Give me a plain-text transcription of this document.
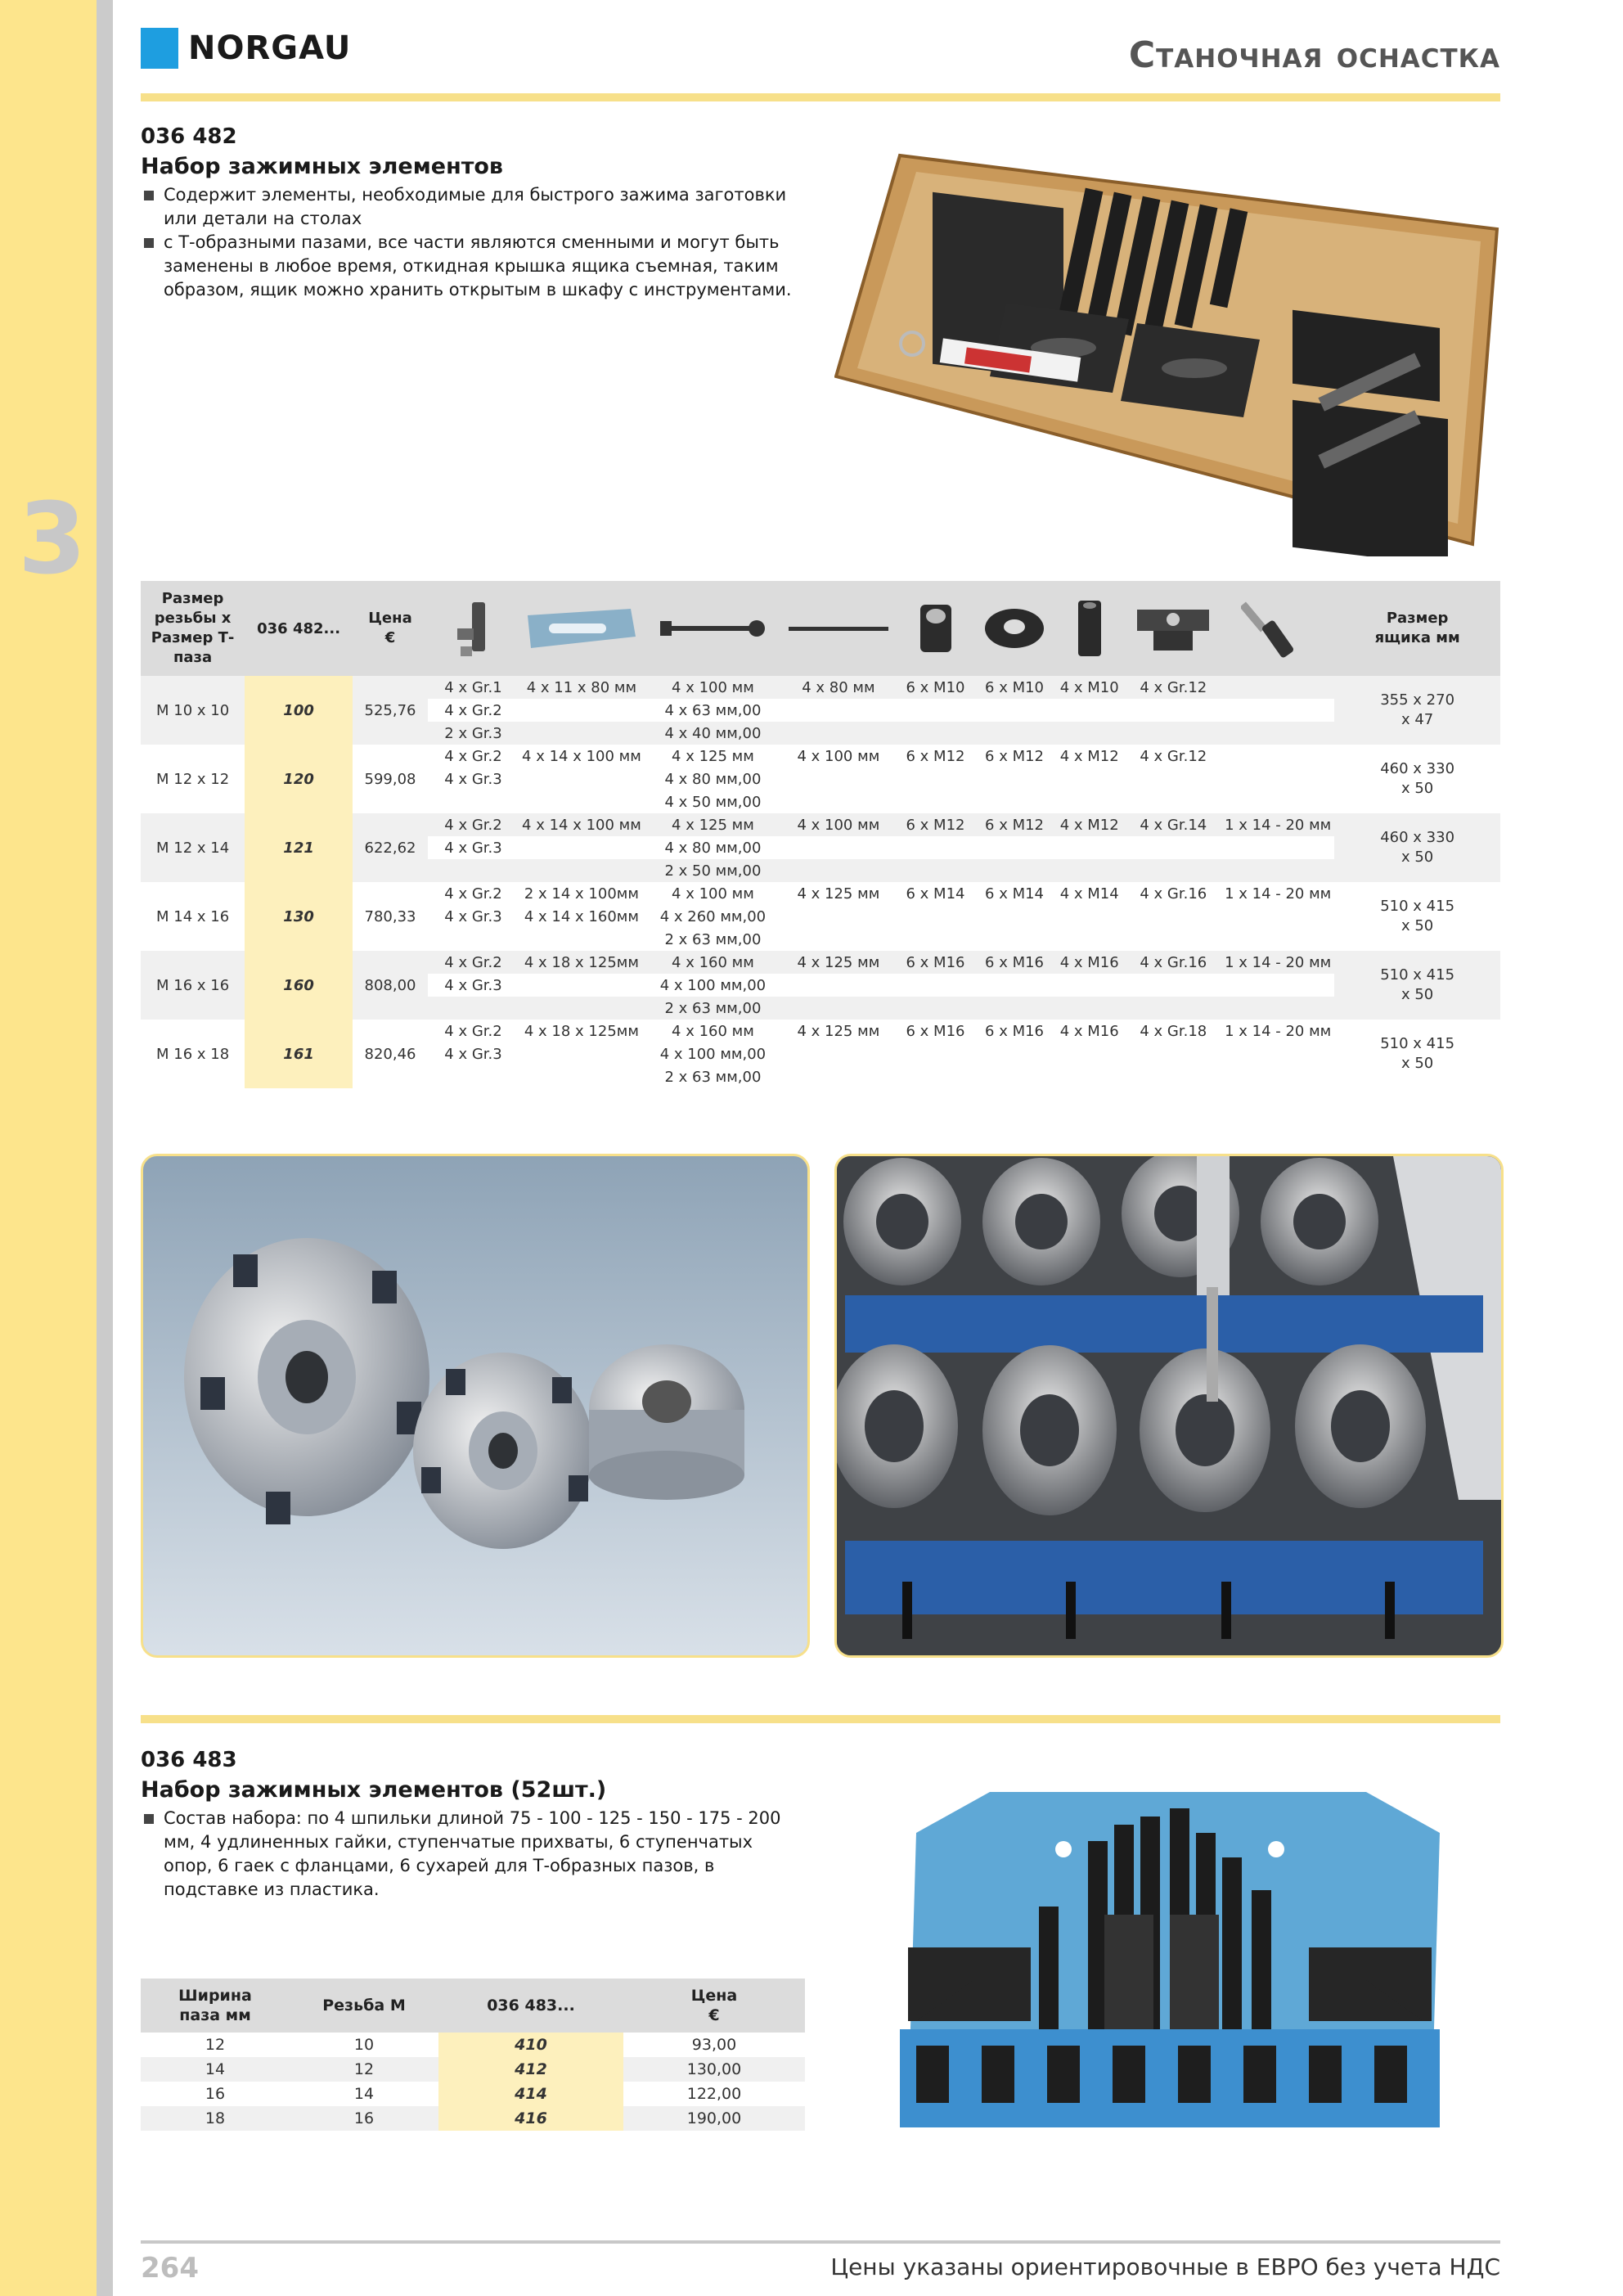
3
NORGAU	Станочная оснастка
036 482
Набор зажимных элементов
Содержит элементы, необходимые для быстрого зажима заготовки или детали на столах
с Т-образными пазами, все части являются сменными и могут быть заменены в любое время, откидная крышка ящика съемная, таким образом, ящик можно хранить открытым в шкафу с инструментами.
Размер резьбы х Размер Т-паза	036 482...	Цена €										Размер ящика мм
M 10 x 10	100	525,76	4 x Gr.1	4 x 11 x 80 мм	4 x 100 мм	4 x 80 мм	6 x M10	6 x M10	4 x M10	4 x Gr.12		355 x 270 x 47
			4 x Gr.2		4 x 63 мм,00							
			2 x Gr.3		4 x 40 мм,00							
M 12 x 12	120	599,08	4 x Gr.2	4 x 14 x 100 мм	4 x 125 мм	4 x 100 мм	6 x M12	6 x M12	4 x M12	4 x Gr.12		460 x 330 x 50
			4 x Gr.3		4 x 80 мм,00							
					4 x 50 мм,00							
M 12 x 14	121	622,62	4 x Gr.2	4 x 14 x 100 мм	4 x 125 мм	4 x 100 мм	6 x M12	6 x M12	4 x M12	4 x Gr.14	1 x 14 - 20 мм	460 x 330 x 50
			4 x Gr.3		4 x 80 мм,00							
					2 x 50 мм,00							
M 14 x 16	130	780,33	4 x Gr.2	2 x 14 x 100мм	4 x 100 мм	4 x 125 мм	6 x M14	6 x M14	4 x M14	4 x Gr.16	1 x 14 - 20 мм	510 x 415 x 50
			4 x Gr.3	4 x 14 x 160мм	4 x 260 мм,00							
					2 x 63 мм,00							
M 16 x 16	160	808,00	4 x Gr.2	4 x 18 x 125мм	4 x 160 мм	4 x 125 мм	6 x M16	6 x M16	4 x M16	4 x Gr.16	1 x 14 - 20 мм	510 x 415 x 50
			4 x Gr.3		4 x 100 мм,00							
					2 x 63 мм,00							
M 16 x 18	161	820,46	4 x Gr.2	4 x 18 x 125мм	4 x 160 мм	4 x 125 мм	6 x M16	6 x M16	4 x M16	4 x Gr.18	1 x 14 - 20 мм	510 x 415 x 50
			4 x Gr.3		4 x 100 мм,00							
					2 x 63 мм,00							
036 483
Набор зажимных элементов (52шт.)
Состав набора: по 4 шпильки длиной 75 - 100 - 125 - 150 - 175 - 200 мм, 4 удлиненных гайки, ступенчатые прихваты, 6 ступенчатых опор, 6 гаек с фланцами, 6 сухарей для Т-образных пазов, в подставке из пластика.
Ширина паза мм	Резьба М	036 483...	Цена €
12	10	410	93,00
14	12	412	130,00
16	14	414	122,00
18	16	416	190,00
264	Цены указаны ориентировочные в ЕВРО без учета НДС
